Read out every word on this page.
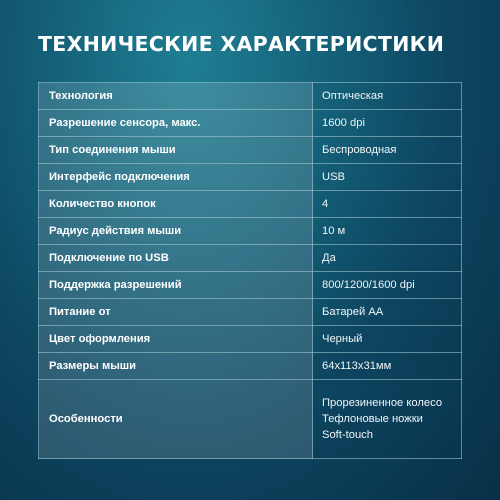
ТЕХНИЧЕСКИЕ ХАРАКТЕРИСТИКИ
Технология	Оптическая
Разрешение сенсора, макс.	1600 dpi
Тип соединения мыши	Беспроводная
Интерфейс подключения	USB
Количество кнопок	4
Радиус действия мыши	10 м
Подключение по USB	Да
Поддержка разрешений	800/1200/1600 dpi
Питание от	Батарей АА
Цвет оформления	Черный
Размеры мыши	64x113x31мм
Особенности	Прорезиненное колесо
Тефлоновые ножки
Soft-touch
